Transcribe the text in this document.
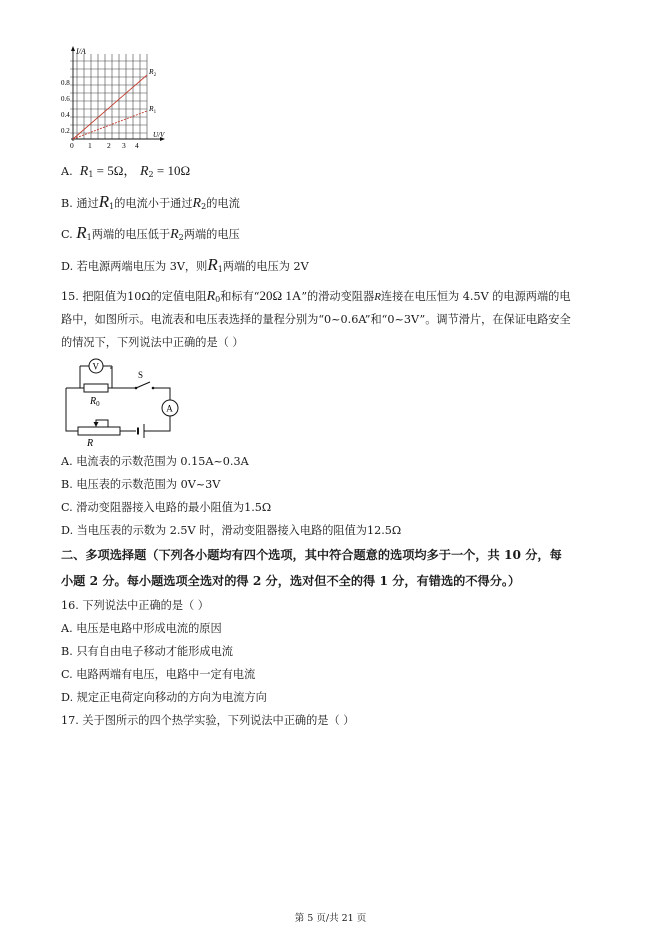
I/A
U/V
0.8
0.6
0.4
0.2
0 1 2 3 4
$R_2$
$R_1$
A. $R_1 = 5\Omega$， $R_2 = 10\Omega$
B. 通过$R_1$的电流小于通过$R_2$的电流
C. $R_1$两端的电压低于$R_2$两端的电压
D. 若电源两端电压为 3V，则$R_1$两端的电压为 2V
15. 把阻值为10Ω的定值电阻$R_0$和标有“20Ω 1A”的滑动变阻器R连接在电压恒为 4.5V 的电源两端的电
路中，如图所示。电流表和电压表选择的量程分别为“0~0.6A”和“0~3V”。调节滑片，在保证电路安全
的情况下，下列说法中正确的是（ ）
V
S
A
$R_0$
R
A. 电流表的示数范围为 0.15A~0.3A
B. 电压表的示数范围为 0V~3V
C. 滑动变阻器接入电路的最小阻值为1.5Ω
D. 当电压表的示数为 2.5V 时，滑动变阻器接入电路的阻值为12.5Ω
二、多项选择题（下列各小题均有四个选项，其中符合题意的选项均多于一个，共 10 分，每
小题 2 分。每小题选项全选对的得 2 分，选对但不全的得 1 分，有错选的不得分。）
16. 下列说法中正确的是（ ）
A. 电压是电路中形成电流的原因
B. 只有自由电子移动才能形成电流
C. 电路两端有电压，电路中一定有电流
D. 规定正电荷定向移动的方向为电流方向
17. 关于图所示的四个热学实验，下列说法中正确的是（ ）
第 5 页/共 21 页
